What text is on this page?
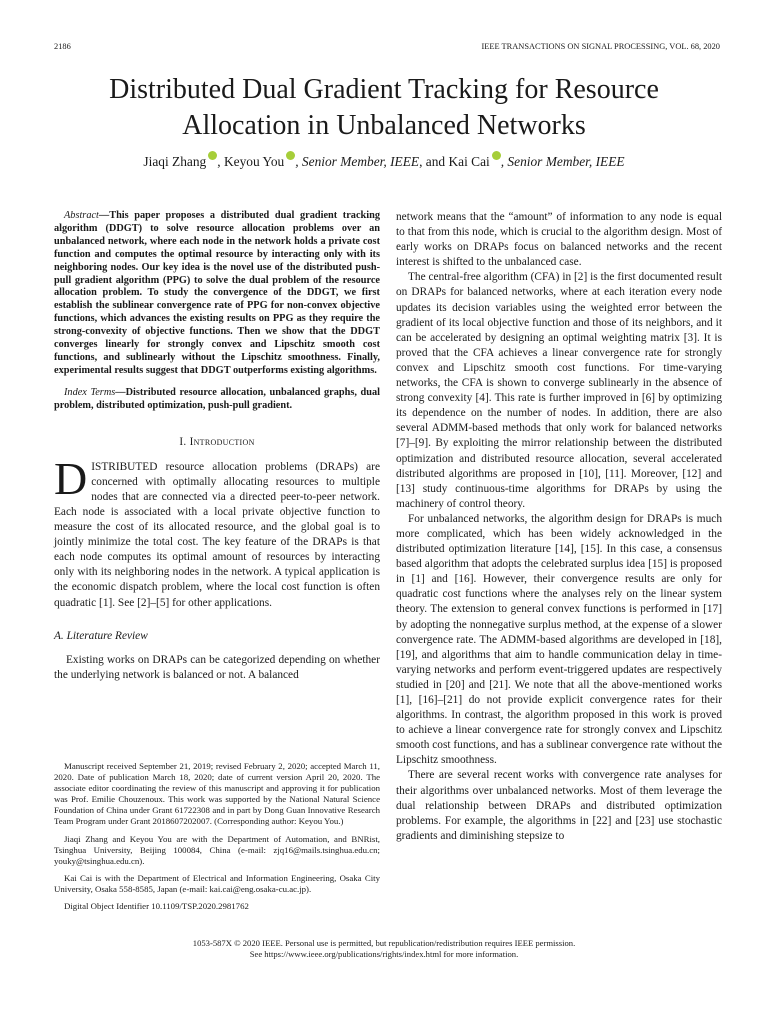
2186	IEEE TRANSACTIONS ON SIGNAL PROCESSING, VOL. 68, 2020
Distributed Dual Gradient Tracking for Resource
Allocation in Unbalanced Networks
Jiaqi Zhang , Keyou You , Senior Member, IEEE, and Kai Cai , Senior Member, IEEE

Abstract—This paper proposes a distributed dual gradient tracking algorithm (DDGT) to solve resource allocation problems over an unbalanced network, where each node in the network holds a private cost function and computes the optimal resource by interacting only with its neighboring nodes. Our key idea is the novel use of the distributed push-pull gradient algorithm (PPG) to solve the dual problem of the resource allocation problem. To study the convergence of the DDGT, we first establish the sublinear convergence rate of PPG for non-convex objective functions, which advances the existing results on PPG as they require the strong-convexity of objective functions. Then we show that the DDGT converges linearly for strongly convex and Lipschitz smooth cost functions, and sublinearly without the Lipschitz smoothness. Finally, experimental results suggest that DDGT outperforms existing algorithms.

Index Terms—Distributed resource allocation, unbalanced graphs, dual problem, distributed optimization, push-pull gradient.

I. Introduction

DISTRIBUTED resource allocation problems (DRAPs) are concerned with optimally allocating resources to multiple nodes that are connected via a directed peer-to-peer network. Each node is associated with a local private objective function to measure the cost of its allocated resource, and the global goal is to jointly minimize the total cost. The key feature of the DRAPs is that each node computes its optimal amount of resources by interacting only with its neighboring nodes in the network. A typical application is the economic dispatch problem, where the local cost function is often quadratic [1]. See [2]–[5] for other applications.

A. Literature Review

Existing works on DRAPs can be categorized depending on whether the underlying network is balanced or not. A balanced

Manuscript received September 21, 2019; revised February 2, 2020; accepted March 11, 2020. Date of publication March 18, 2020; date of current version April 20, 2020. The associate editor coordinating the review of this manuscript and approving it for publication was Prof. Emilie Chouzenoux. This work was supported by the National Natural Science Foundation of China under Grant 61722308 and in part by Dong Guan Innovative Research Team Program under Grant 2018607202007. (Corresponding author: Keyou You.)

Jiaqi Zhang and Keyou You are with the Department of Automation, and BNRist, Tsinghua University, Beijing 100084, China (e-mail: zjq16@mails.tsinghua.edu.cn; youky@tsinghua.edu.cn).

Kai Cai is with the Department of Electrical and Information Engineering, Osaka City University, Osaka 558-8585, Japan (e-mail: kai.cai@eng.osaka-cu.ac.jp).

Digital Object Identifier 10.1109/TSP.2020.2981762

network means that the “amount” of information to any node is equal to that from this node, which is crucial to the algorithm design. Most of early works on DRAPs focus on balanced networks and the recent interest is shifted to the unbalanced case.

The central-free algorithm (CFA) in [2] is the first documented result on DRAPs for balanced networks, where at each iteration every node updates its decision variables using the weighted error between the gradient of its local objective function and those of its neighbors, and it can be accelerated by designing an optimal weighting matrix [3]. It is proved that the CFA achieves a linear convergence rate for strongly convex and Lipschitz smooth cost functions. For time-varying networks, the CFA is shown to converge sublinearly in the absence of strong convexity [4]. This rate is further improved in [6] by optimizing its dependence on the number of nodes. In addition, there are also several ADMM-based methods that only work for balanced networks [7]–[9]. By exploiting the mirror relationship between the distributed optimization and distributed resource allocation, several accelerated distributed algorithms are proposed in [10], [11]. Moreover, [12] and [13] study continuous-time algorithms for DRAPs by using the machinery of control theory.

For unbalanced networks, the algorithm design for DRAPs is much more complicated, which has been widely acknowledged in the distributed optimization literature [14], [15]. In this case, a consensus based algorithm that adopts the celebrated surplus idea [15] is proposed in [1] and [16]. However, their convergence results are only for quadratic cost functions where the analyses rely on the linear system theory. The extension to general convex functions is performed in [17] by adopting the nonnegative surplus method, at the expense of a slower convergence rate. The ADMM-based algorithms are developed in [18], [19], and algorithms that aim to handle communication delay in time-varying networks and perform event-triggered updates are respectively studied in [20] and [21]. We note that all the above-mentioned works [1], [16]–[21] do not provide explicit convergence rates for their algorithms. In contrast, the algorithm proposed in this work is proved to achieve a linear convergence rate for strongly convex and Lipschitz smooth cost functions, and has a sublinear convergence rate without the Lipschitz smoothness.

There are several recent works with convergence rate analyses for their algorithms over unbalanced networks. Most of them leverage the dual relationship between DRAPs and distributed optimization problems. For example, the algorithms in [22] and [23] use stochastic gradients and diminishing stepsize to

1053-587X © 2020 IEEE. Personal use is permitted, but republication/redistribution requires IEEE permission.
See https://www.ieee.org/publications/rights/index.html for more information.
